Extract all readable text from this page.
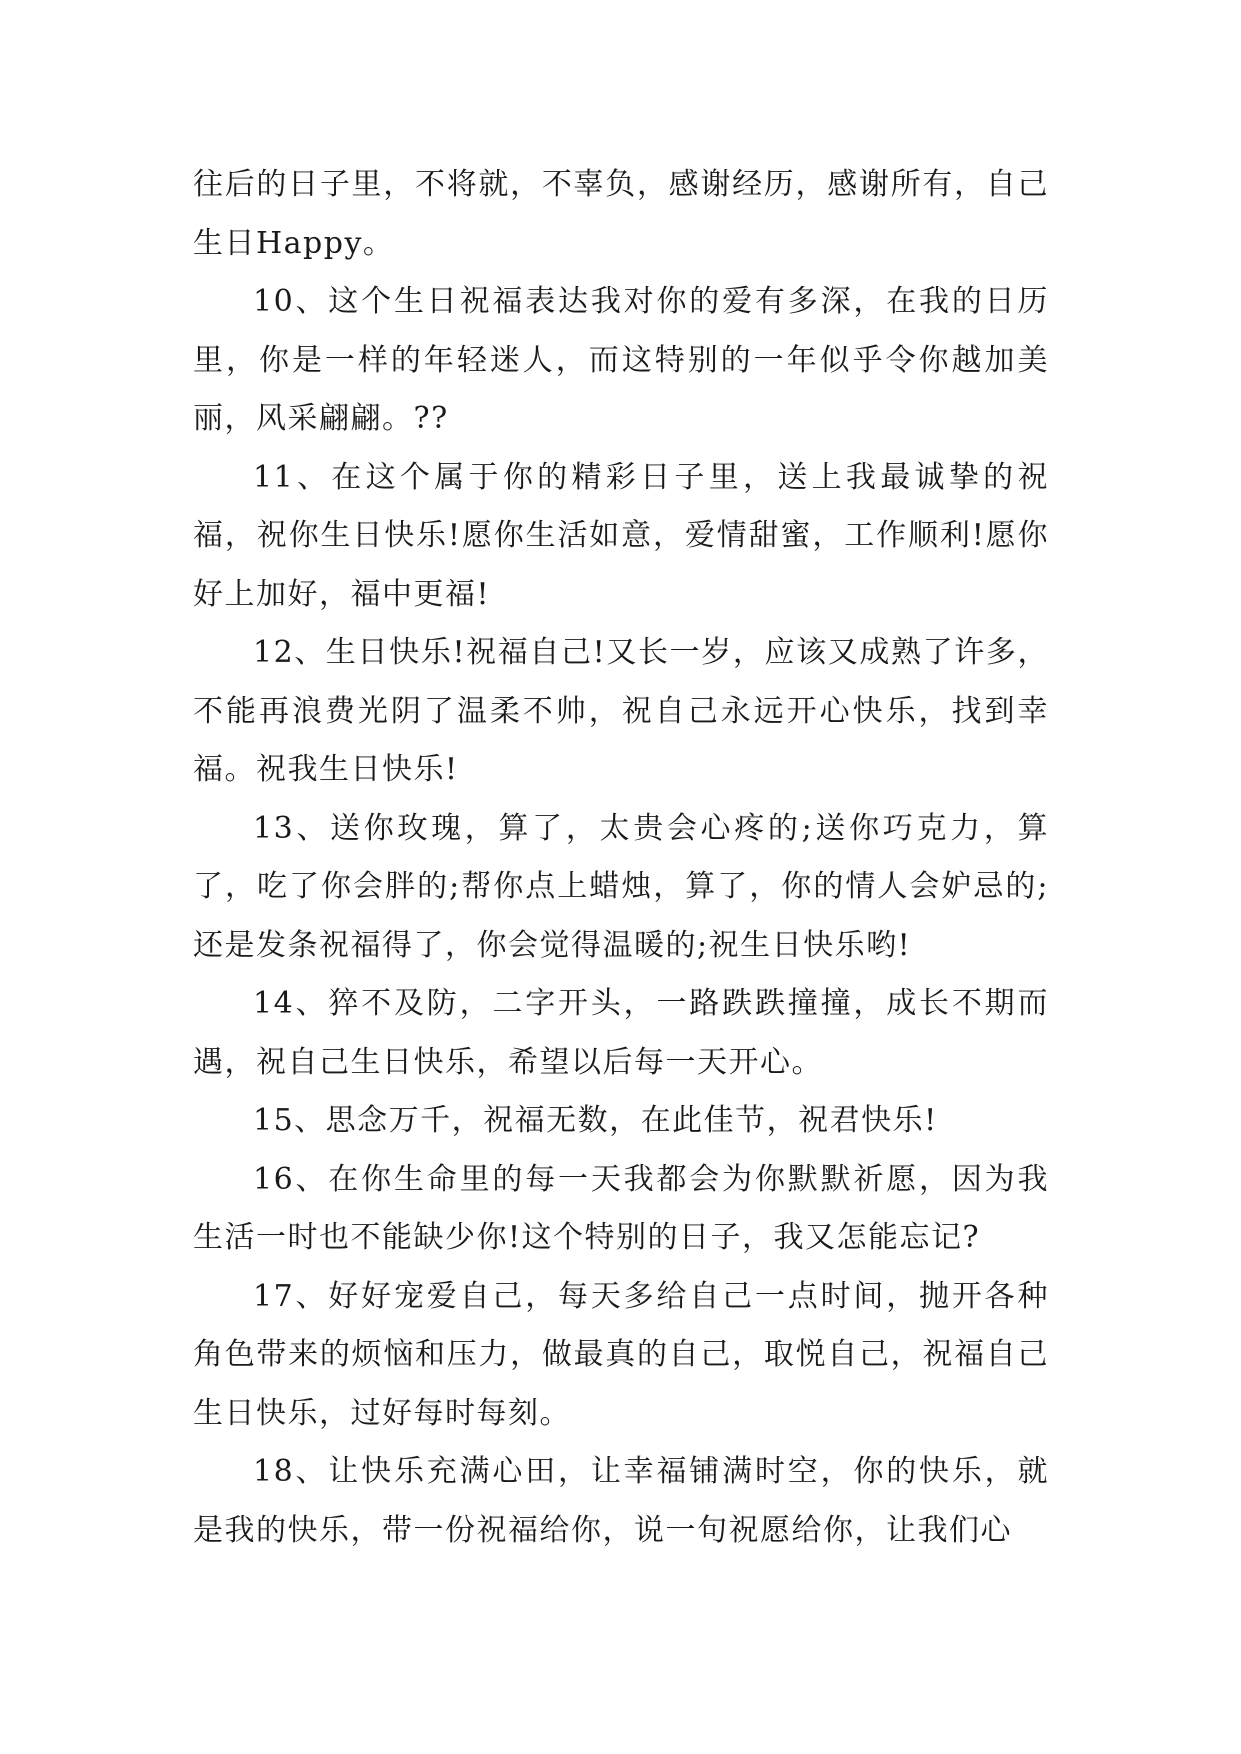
往后的日子里，不将就，不辜负，感谢经历，感谢所有，自己生日Happy。

10、这个生日祝福表达我对你的爱有多深，在我的日历里，你是一样的年轻迷人，而这特别的一年似乎令你越加美丽，风采翩翩。??

11、在这个属于你的精彩日子里，送上我最诚挚的祝福，祝你生日快乐!愿你生活如意，爱情甜蜜，工作顺利!愿你好上加好，福中更福!

12、生日快乐!祝福自己!又长一岁，应该又成熟了许多，不能再浪费光阴了温柔不帅，祝自己永远开心快乐，找到幸福。祝我生日快乐!

13、送你玫瑰，算了，太贵会心疼的;送你巧克力，算了，吃了你会胖的;帮你点上蜡烛，算了，你的情人会妒忌的;还是发条祝福得了，你会觉得温暖的;祝生日快乐哟!

14、猝不及防，二字开头，一路跌跌撞撞，成长不期而遇，祝自己生日快乐，希望以后每一天开心。

15、思念万千，祝福无数，在此佳节，祝君快乐!

16、在你生命里的每一天我都会为你默默祈愿，因为我生活一时也不能缺少你!这个特别的日子，我又怎能忘记?

17、好好宠爱自己，每天多给自己一点时间，抛开各种角色带来的烦恼和压力，做最真的自己，取悦自己，祝福自己生日快乐，过好每时每刻。

18、让快乐充满心田，让幸福铺满时空，你的快乐，就是我的快乐，带一份祝福给你，说一句祝愿给你，让我们心
